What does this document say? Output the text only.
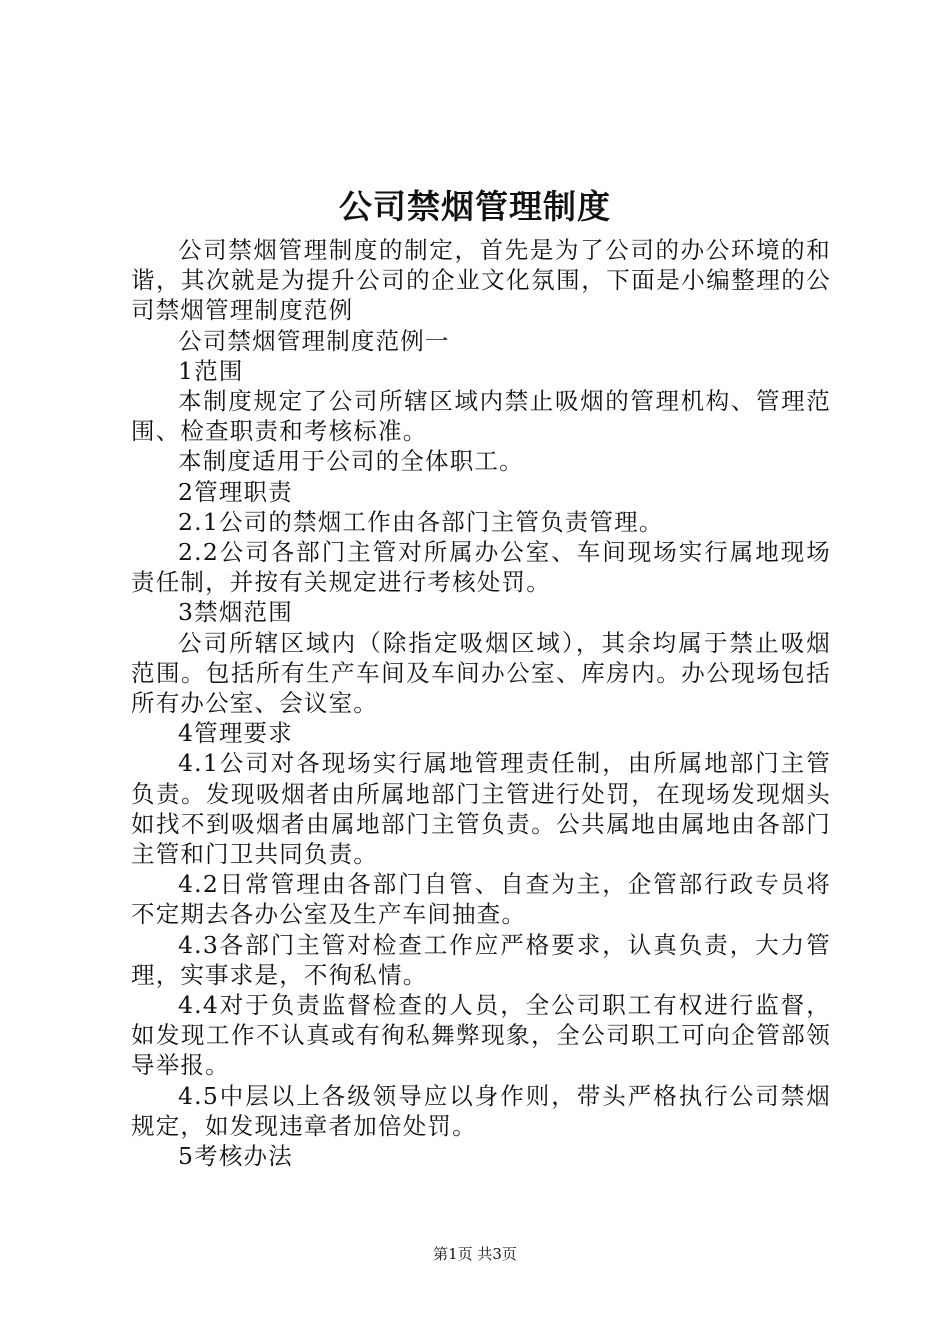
公司禁烟管理制度

公司禁烟管理制度的制定，首先是为了公司的办公环境的和谐，其次就是为提升公司的企业文化氛围，下面是小编整理的公司禁烟管理制度范例

公司禁烟管理制度范例一

1范围

本制度规定了公司所辖区域内禁止吸烟的管理机构、管理范围、检查职责和考核标准。

本制度适用于公司的全体职工。

2管理职责

2.1公司的禁烟工作由各部门主管负责管理。

2.2公司各部门主管对所属办公室、车间现场实行属地现场责任制，并按有关规定进行考核处罚。

3禁烟范围

公司所辖区域内（除指定吸烟区域），其余均属于禁止吸烟范围。包括所有生产车间及车间办公室、库房内。办公现场包括所有办公室、会议室。

4管理要求

4.1公司对各现场实行属地管理责任制，由所属地部门主管负责。发现吸烟者由所属地部门主管进行处罚，在现场发现烟头如找不到吸烟者由属地部门主管负责。公共属地由属地由各部门主管和门卫共同负责。

4.2日常管理由各部门自管、自查为主，企管部行政专员将不定期去各办公室及生产车间抽查。

4.3各部门主管对检查工作应严格要求，认真负责，大力管理，实事求是，不徇私情。

4.4对于负责监督检查的人员，全公司职工有权进行监督，如发现工作不认真或有徇私舞弊现象，全公司职工可向企管部领导举报。

4.5中层以上各级领导应以身作则，带头严格执行公司禁烟规定，如发现违章者加倍处罚。

5考核办法

第1页 共3页
